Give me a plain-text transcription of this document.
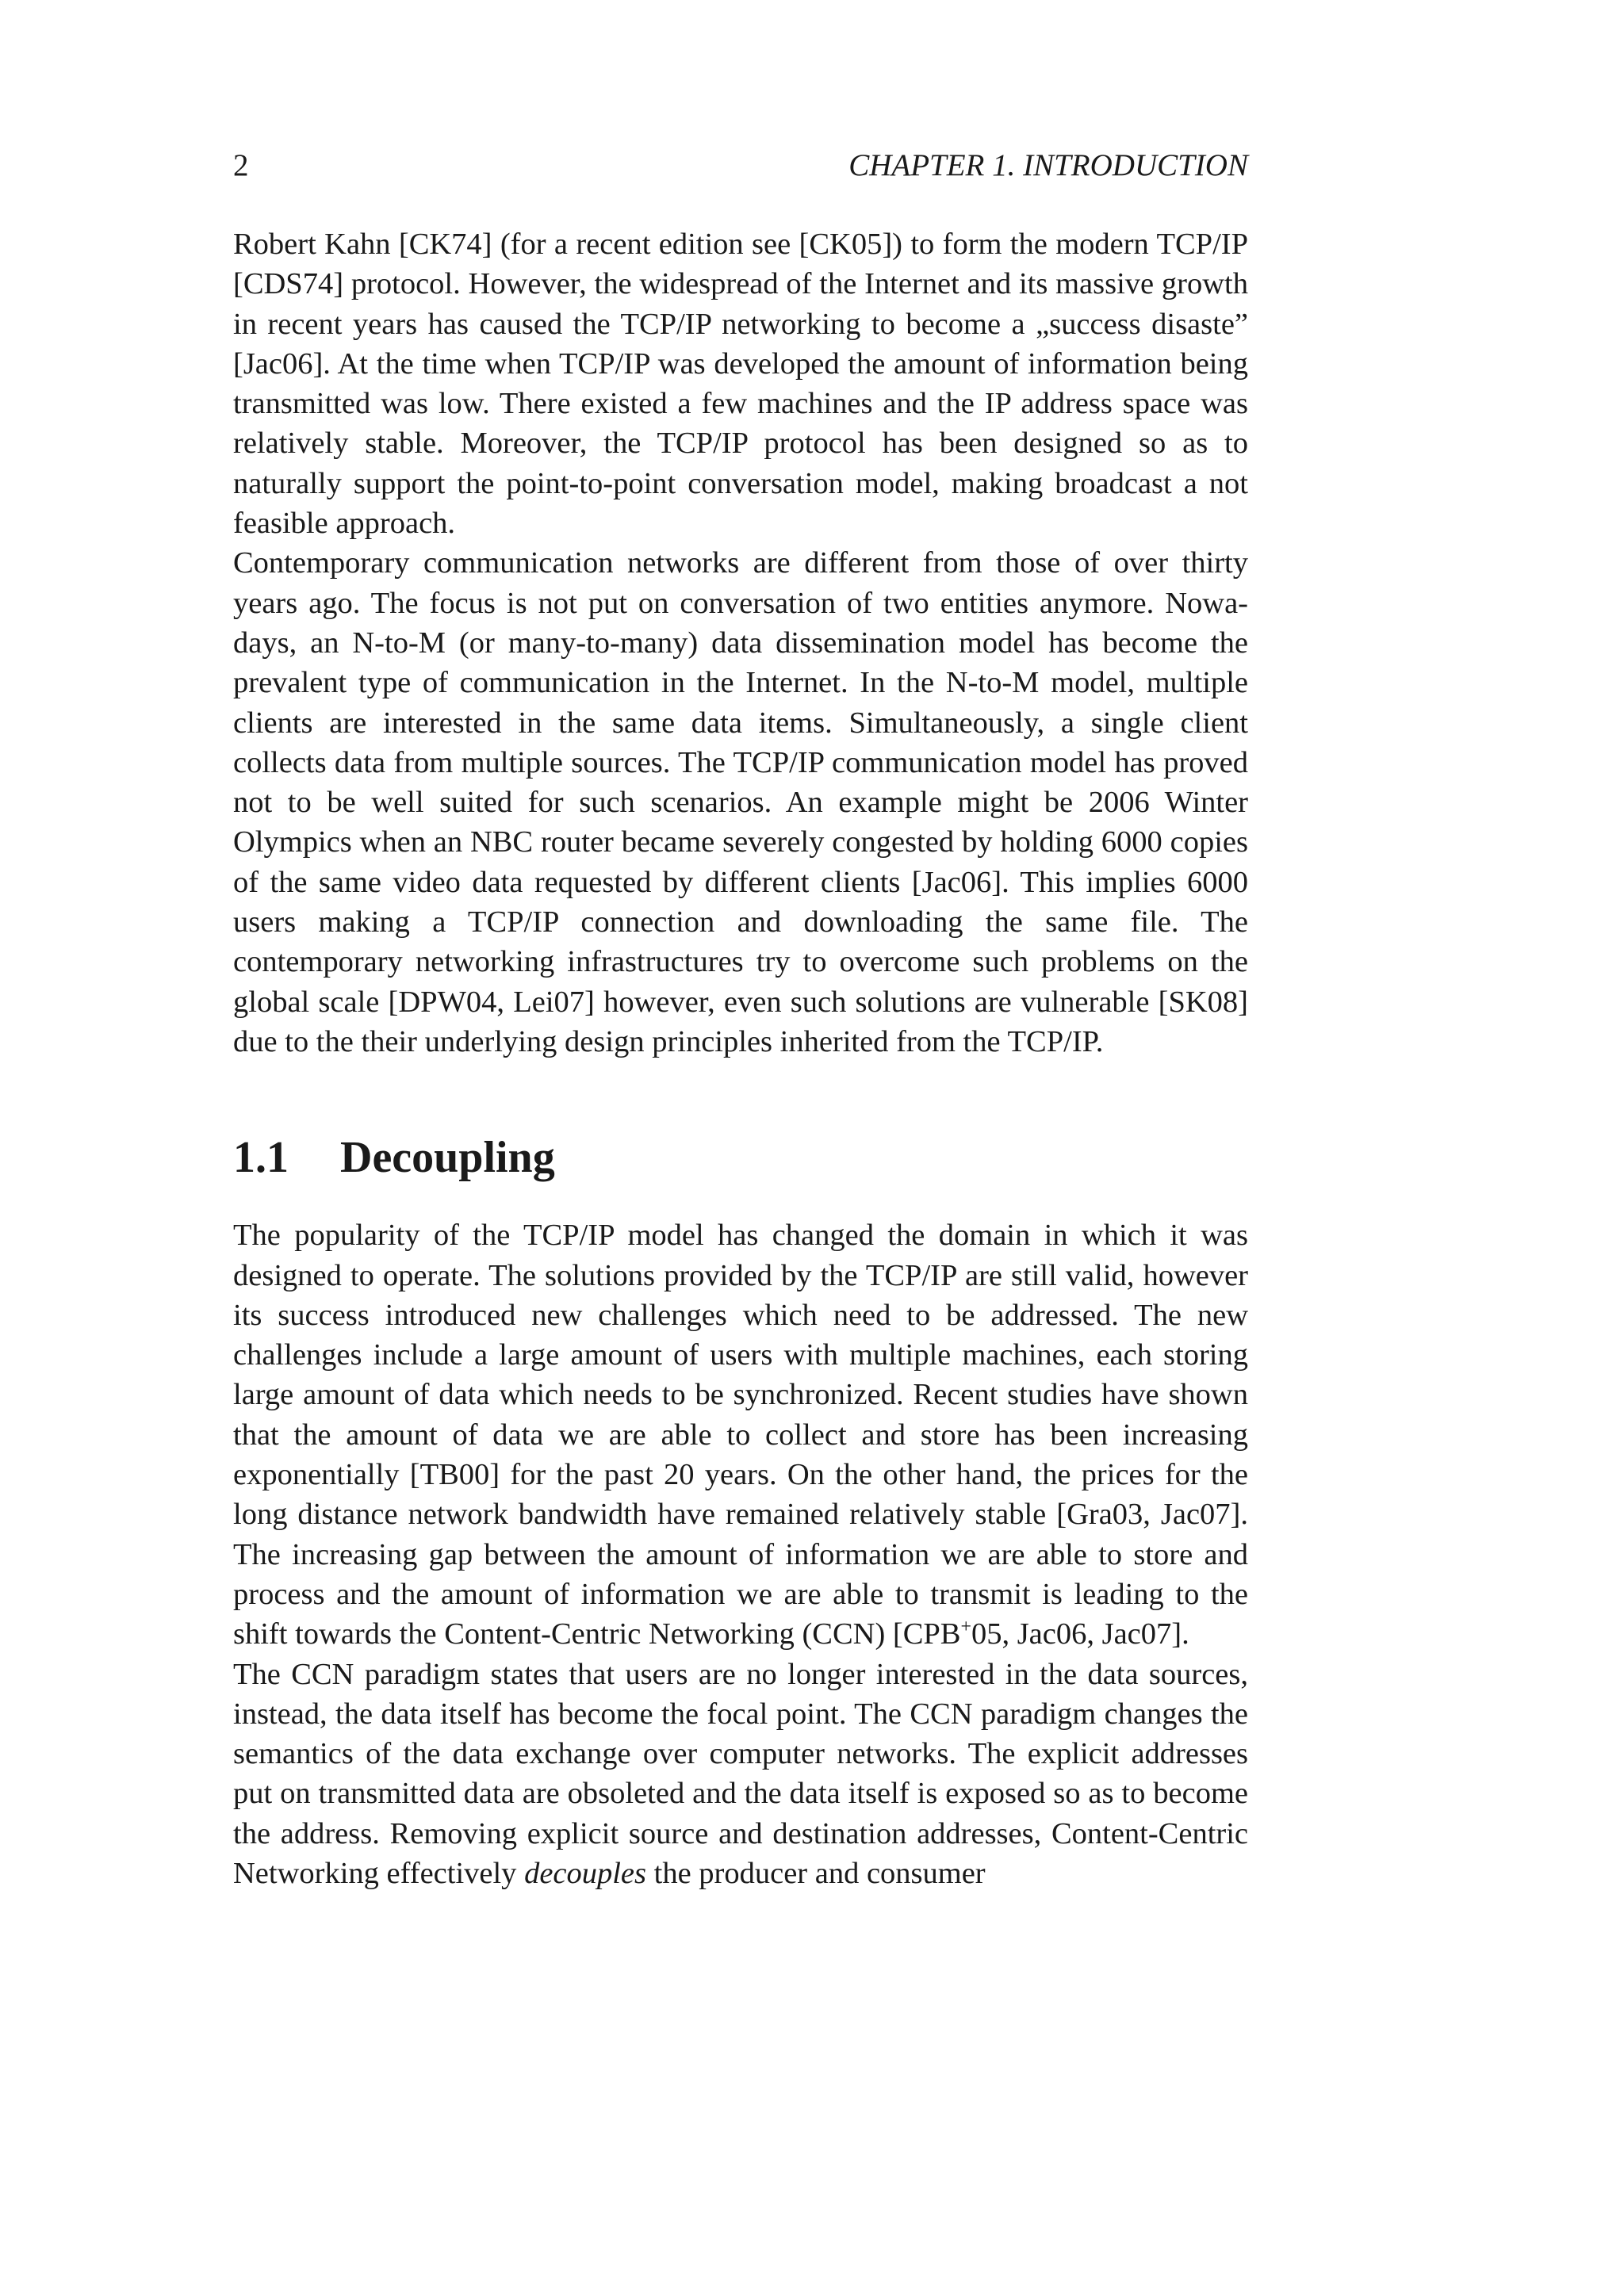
2	CHAPTER 1. INTRODUCTION

Robert Kahn [CK74] (for a recent edition see [CK05]) to form the modern TCP/IP [CDS74] protocol. However, the widespread of the Internet and its massive growth in recent years has caused the TCP/IP networking to become a „success disaste” [Jac06]. At the time when TCP/IP was developed the amount of information being transmitted was low. There existed a few machines and the IP address space was relatively stable. Moreover, the TCP/IP protocol has been designed so as to naturally support the point-to-point conversation model, making broadcast a not feasible approach.

Contemporary communication networks are different from those of over thirty years ago. The focus is not put on conversation of two entities anymore. Nowadays, an N-to-M (or many-to-many) data dissemination model has become the prevalent type of communication in the Internet. In the N-to-M model, multiple clients are interested in the same data items. Simultaneously, a single client collects data from multiple sources. The TCP/IP communication model has proved not to be well suited for such scenarios. An example might be 2006 Winter Olympics when an NBC router became severely congested by holding 6000 copies of the same video data requested by different clients [Jac06]. This implies 6000 users making a TCP/IP connection and downloading the same file. The contemporary networking infrastructures try to overcome such problems on the global scale [DPW04, Lei07] however, even such solutions are vulnerable [SK08] due to the their underlying design principles inherited from the TCP/IP.

1.1	Decoupling

The popularity of the TCP/IP model has changed the domain in which it was designed to operate. The solutions provided by the TCP/IP are still valid, however its success introduced new challenges which need to be addressed. The new challenges include a large amount of users with multiple machines, each storing large amount of data which needs to be synchronized. Recent studies have shown that the amount of data we are able to collect and store has been increasing exponentially [TB00] for the past 20 years. On the other hand, the prices for the long distance network bandwidth have remained relatively stable [Gra03, Jac07]. The increasing gap between the amount of information we are able to store and process and the amount of information we are able to transmit is leading to the shift towards the Content-Centric Networking (CCN) [CPB+05, Jac06, Jac07].

The CCN paradigm states that users are no longer interested in the data sources, instead, the data itself has become the focal point. The CCN paradigm changes the semantics of the data exchange over computer networks. The explicit addresses put on transmitted data are obsoleted and the data itself is exposed so as to become the address. Removing explicit source and destination addresses, Content-Centric Networking effectively decouples the producer and consumer
